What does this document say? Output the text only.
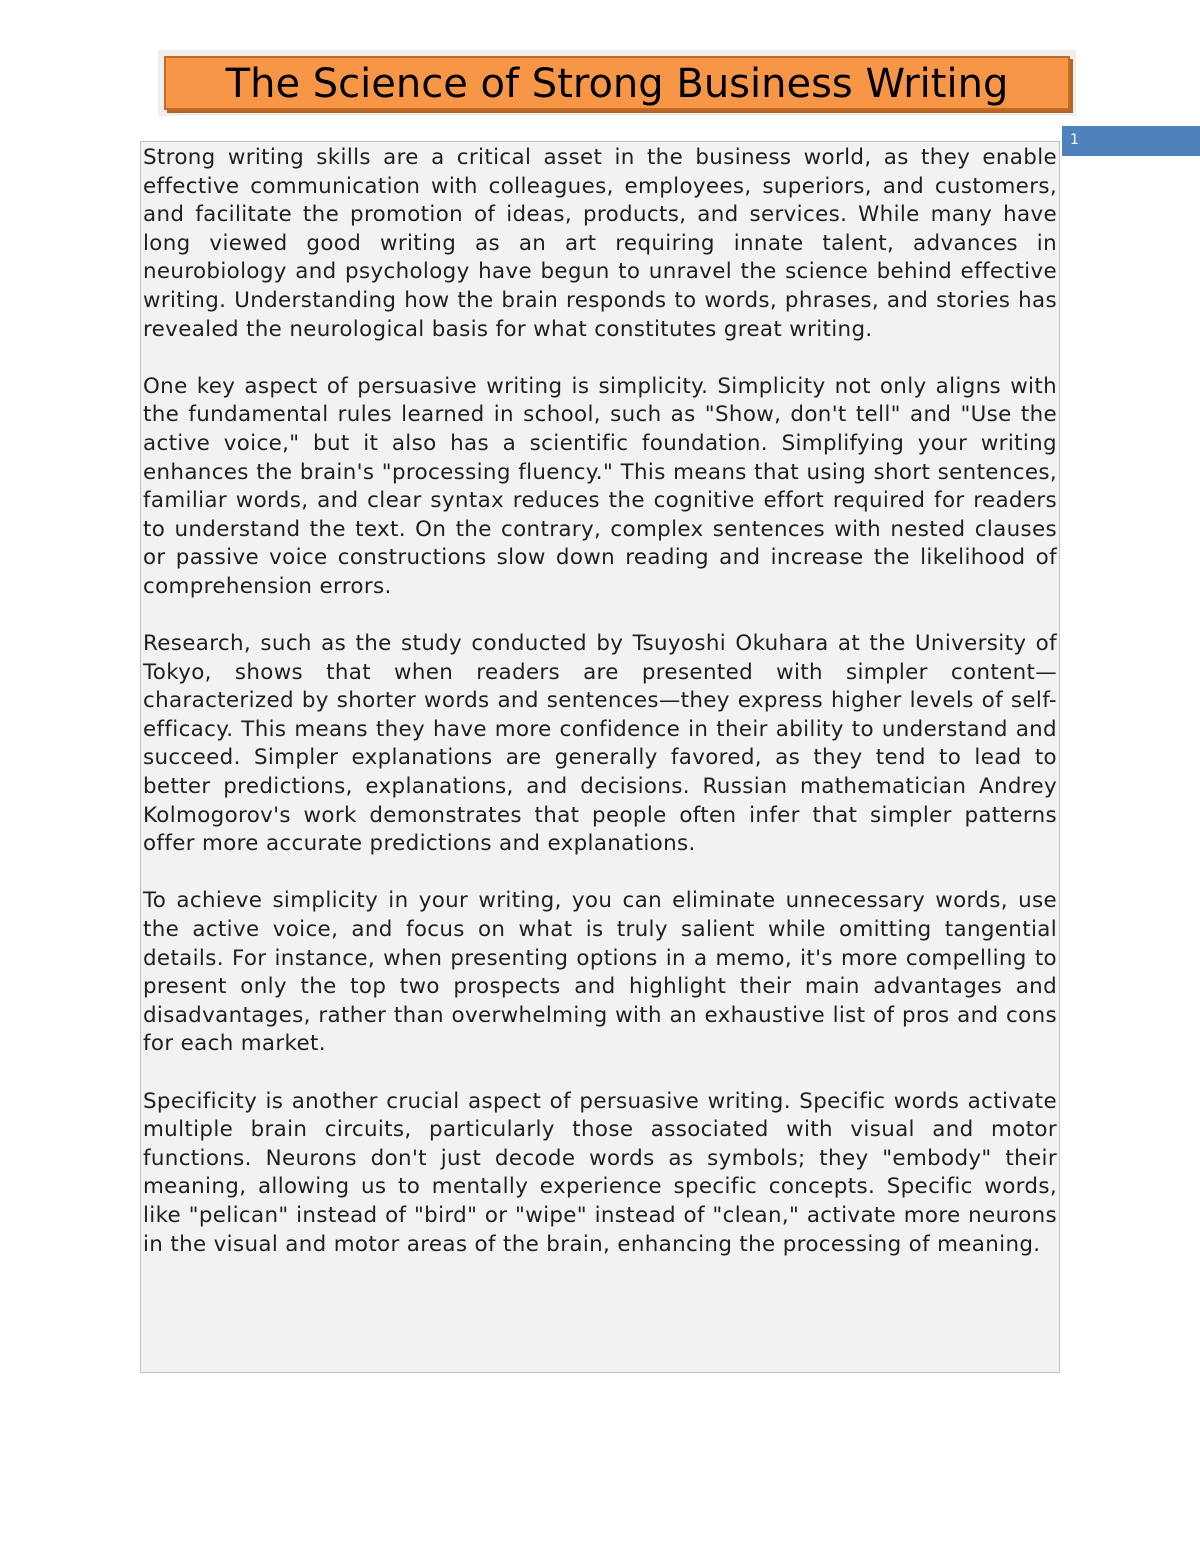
The Science of Strong Business Writing
1

Strong writing skills are a critical asset in the business world, as they enable effective communication with colleagues, employees, superiors, and customers, and facilitate the promotion of ideas, products, and services. While many have long viewed good writing as an art requiring innate talent, advances in neurobiology and psychology have begun to unravel the science behind effective writing. Understanding how the brain responds to words, phrases, and stories has revealed the neurological basis for what constitutes great writing.

One key aspect of persuasive writing is simplicity. Simplicity not only aligns with the fundamental rules learned in school, such as "Show, don't tell" and "Use the active voice," but it also has a scientific foundation. Simplifying your writing enhances the brain's "processing fluency." This means that using short sentences, familiar words, and clear syntax reduces the cognitive effort required for readers to understand the text. On the contrary, complex sentences with nested clauses or passive voice constructions slow down reading and increase the likelihood of comprehension errors.

Research, such as the study conducted by Tsuyoshi Okuhara at the University of Tokyo, shows that when readers are presented with simpler content—characterized by shorter words and sentences—they express higher levels of self-efficacy. This means they have more confidence in their ability to understand and succeed. Simpler explanations are generally favored, as they tend to lead to better predictions, explanations, and decisions. Russian mathematician Andrey Kolmogorov's work demonstrates that people often infer that simpler patterns offer more accurate predictions and explanations.

To achieve simplicity in your writing, you can eliminate unnecessary words, use the active voice, and focus on what is truly salient while omitting tangential details. For instance, when presenting options in a memo, it's more compelling to present only the top two prospects and highlight their main advantages and disadvantages, rather than overwhelming with an exhaustive list of pros and cons for each market.

Specificity is another crucial aspect of persuasive writing. Specific words activate multiple brain circuits, particularly those associated with visual and motor functions. Neurons don't just decode words as symbols; they "embody" their meaning, allowing us to mentally experience specific concepts. Specific words, like "pelican" instead of "bird" or "wipe" instead of "clean," activate more neurons in the visual and motor areas of the brain, enhancing the processing of meaning.
